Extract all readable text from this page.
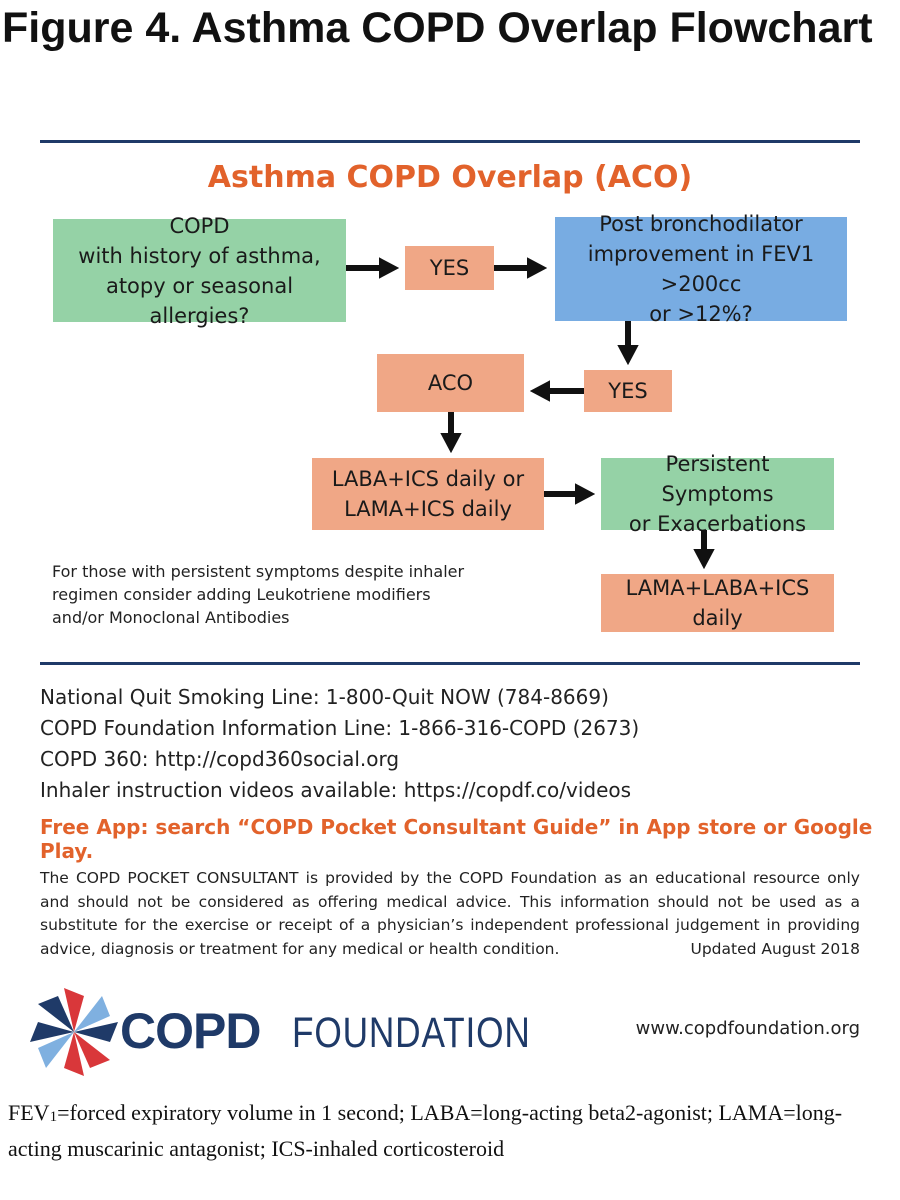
Figure 4. Asthma COPD Overlap Flowchart
Asthma COPD Overlap (ACO)
COPD
with history of asthma,
atopy or seasonal allergies?
YES
Post bronchodilator
improvement in FEV1 >200cc
or >12%?
YES
ACO
LABA+ICS daily or
LAMA+ICS daily
Persistent Symptoms
or Exacerbations
LAMA+LABA+ICS daily
For those with persistent symptoms despite inhaler
regimen consider adding Leukotriene modifiers
and/or Monoclonal Antibodies
National Quit Smoking Line: 1-800-Quit NOW (784-8669)
COPD Foundation Information Line: 1-866-316-COPD (2673)
COPD 360: http://copd360social.org
Inhaler instruction videos available: https://copdf.co/videos
Free App: search “COPD Pocket Consultant Guide” in App store or Google Play.
The COPD POCKET CONSULTANT is provided by the COPD Foundation as an educational resource only and should not be considered as offering medical advice. This information should not be used as a substitute for the exercise or receipt of a physician’s independent professional judgement in providing advice, diagnosis or treatment for any medical or health condition.	Updated August 2018
COPD FOUNDATION	www.copdfoundation.org
$FEV_1=forced$ expiratory volume in 1 second; LABA=long-acting beta2-agonist; LAMA=long-acting muscarinic antagonist; ICS-inhaled corticosteroid
